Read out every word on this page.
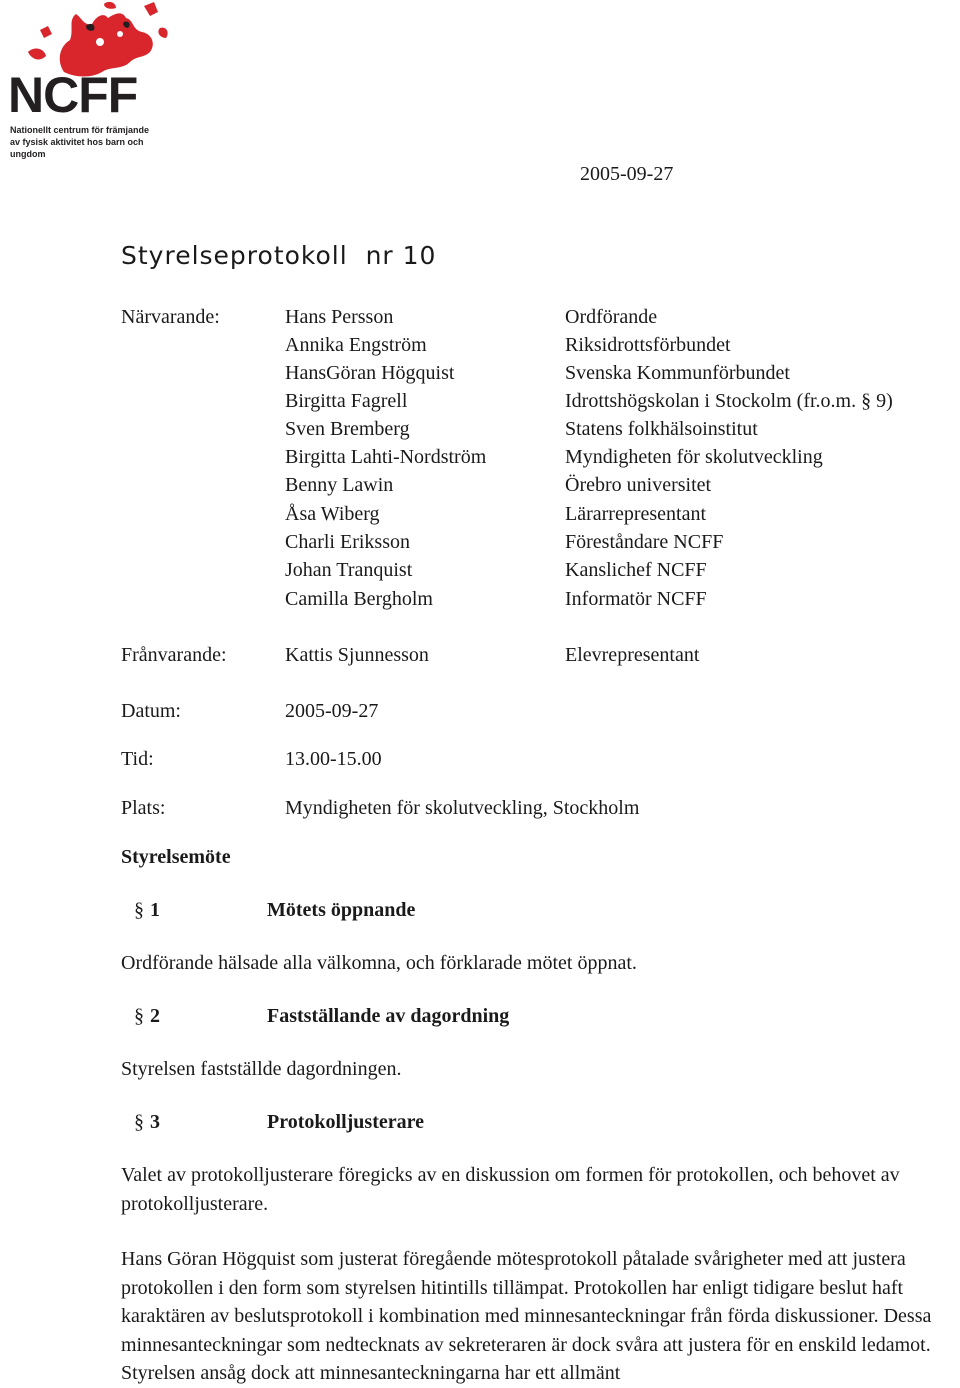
NCFF
Nationellt centrum för främjande
av fysisk aktivitet hos barn och ungdom
2005-09-27
Styrelseprotokoll  nr 10
Närvarande:	Hans Persson	Ordförande
Annika Engström	Riksidrottsförbundet
HansGöran Högquist	Svenska Kommunförbundet
Birgitta Fagrell	Idrottshögskolan i Stockolm (fr.o.m. § 9)
Sven Bremberg	Statens folkhälsoinstitut
Birgitta Lahti-Nordström	Myndigheten för skolutveckling
Benny Lawin	Örebro universitet
Åsa Wiberg	Lärarrepresentant
Charli Eriksson	Föreståndare NCFF
Johan Tranquist	Kanslichef NCFF
Camilla Bergholm	Informatör NCFF
Frånvarande:	Kattis Sjunnesson	Elevrepresentant
Datum:	2005-09-27
Tid:	13.00-15.00
Plats:	Myndigheten för skolutveckling, Stockholm
Styrelsemöte
§ 1	Mötets öppnande
Ordförande hälsade alla välkomna, och förklarade mötet öppnat.
§ 2	Fastställande av dagordning
Styrelsen fastställde dagordningen.
§ 3	Protokolljusterare
Valet av protokolljusterare föregicks av en diskussion om formen för protokollen, och behovet av protokolljusterare.
Hans Göran Högquist som justerat föregående mötesprotokoll påtalade svårigheter med att justera protokollen i den form som styrelsen hitintills tillämpat. Protokollen har enligt tidigare beslut haft karaktären av beslutsprotokoll i kombination med minnesanteckningar från förda diskussioner. Dessa minnesanteckningar som nedtecknats av sekreteraren är dock svåra att justera för en enskild ledamot. Styrelsen ansåg dock att minnesanteckningarna har ett allmänt
